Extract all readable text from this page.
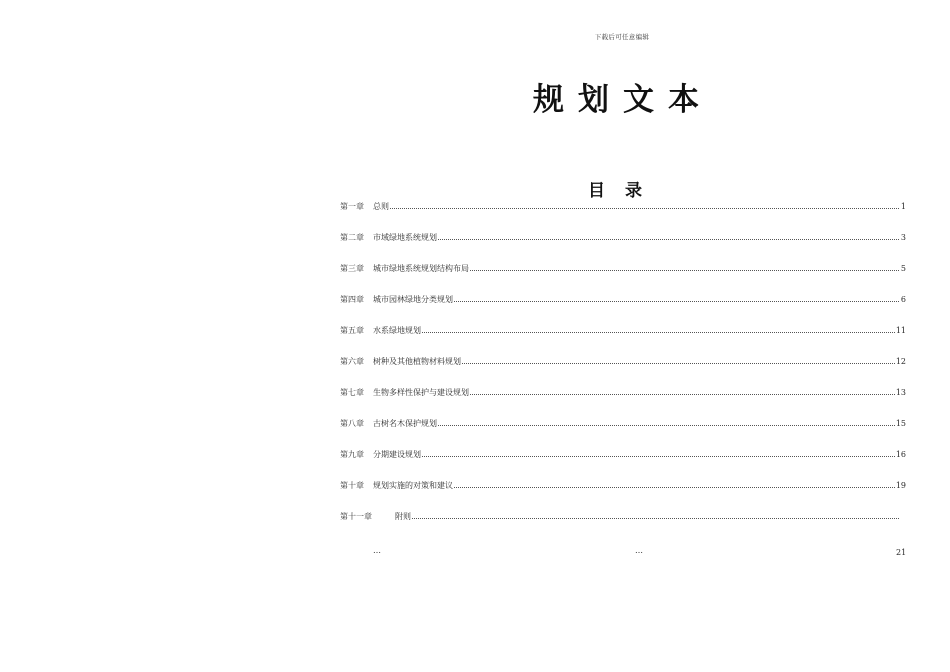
下载后可任意编辑
规划文本
目录
第一章	总则	1
第二章	市域绿地系统规划	3
第三章	城市绿地系统规划结构布局	5
第四章	城市园林绿地分类规划	6
第五章	水系绿地规划	11
第六章	树种及其他植物材料规划	12
第七章	生物多样性保护与建设规划	13
第八章	古树名木保护规划	15
第九章	分期建设规划	16
第十章	规划实施的对策和建议	19
第十一章	附则
…	…	21
